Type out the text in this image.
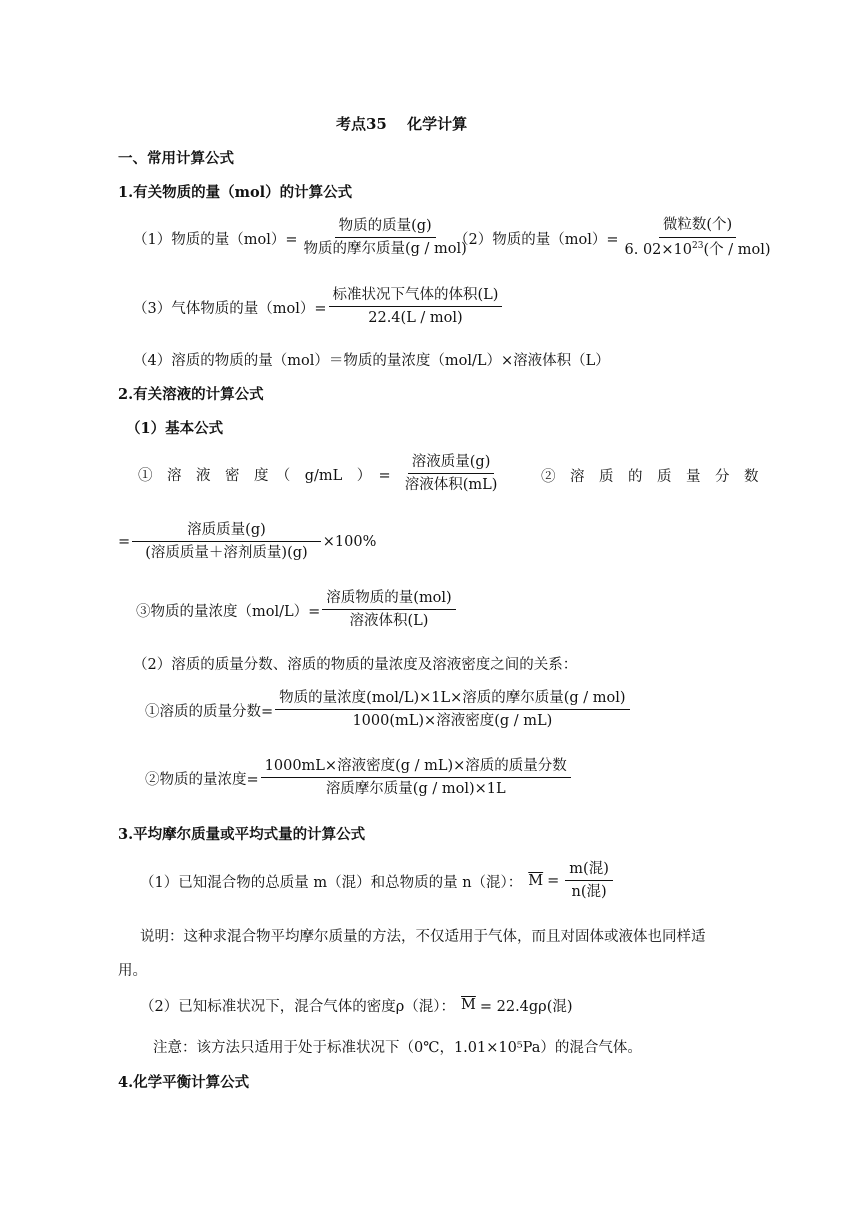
考点35　 化学计算
一、常用计算公式
1.有关物质的量（mol）的计算公式
（1）物质的量$(mol)= \frac{\text{物质的质量(g)}}{\text{物质的摩尔质量(g / mol)}}$
（2）物质的量$(mol)= \frac{\text{微粒数(个)}}{6. 02\times 10^{23}(个 / mol)}$
（3）气体物质的量$(mol)= \frac{\text{标准状况下气体的体积(L)}}{\text{22.4(L / mol)}}$
（4）溶质的物质的量（mol）＝物质的量浓度（mol/L）×溶液体积（L）
2.有关溶液的计算公式
（1）基本公式
①　溶　液　密　度　（　g/mL　）　= $\frac{\text{溶液质量(g)}}{\text{溶液体积(mL)}}$	②　溶　质　的　质　量　分　数
= $\frac{\text{溶质质量(g)}}{\text{(溶质质量＋溶剂质量)(g)}} \times 100\%$
③物质的量浓度$(mol/L)= \frac{\text{溶质物质的量(mol)}}{\text{溶液体积(L)}}$
（2）溶质的质量分数、溶质的物质的量浓度及溶液密度之间的关系：
①溶质的质量分数= $\frac{\text{物质的量浓度(mol/L)×1L×溶质的摩尔质量(g / mol)}}{\text{1000(mL)×溶液密度(g / mL)}}$
②物质的量浓度= $\frac{\text{1000mL×溶液密度(g / mL)×溶质的质量分数}}{\text{溶质摩尔质量(g / mol)×1L}}$
3.平均摩尔质量或平均式量的计算公式
（1）已知混合物的总质量 m（混）和总物质的量 n（混）： $\overline{M} = \frac{\text{m(混)}}{\text{n(混)}}$
说明：这种求混合物平均摩尔质量的方法，不仅适用于气体，而且对固体或液体也同样适
用。
（2）已知标准状况下，混合气体的密度ρ（混）： $\overline{M} = 22.4g\rho$(混)
注意：该方法只适用于处于标准状况下（0℃，1.01×10⁵Pa）的混合气体。
4.化学平衡计算公式
